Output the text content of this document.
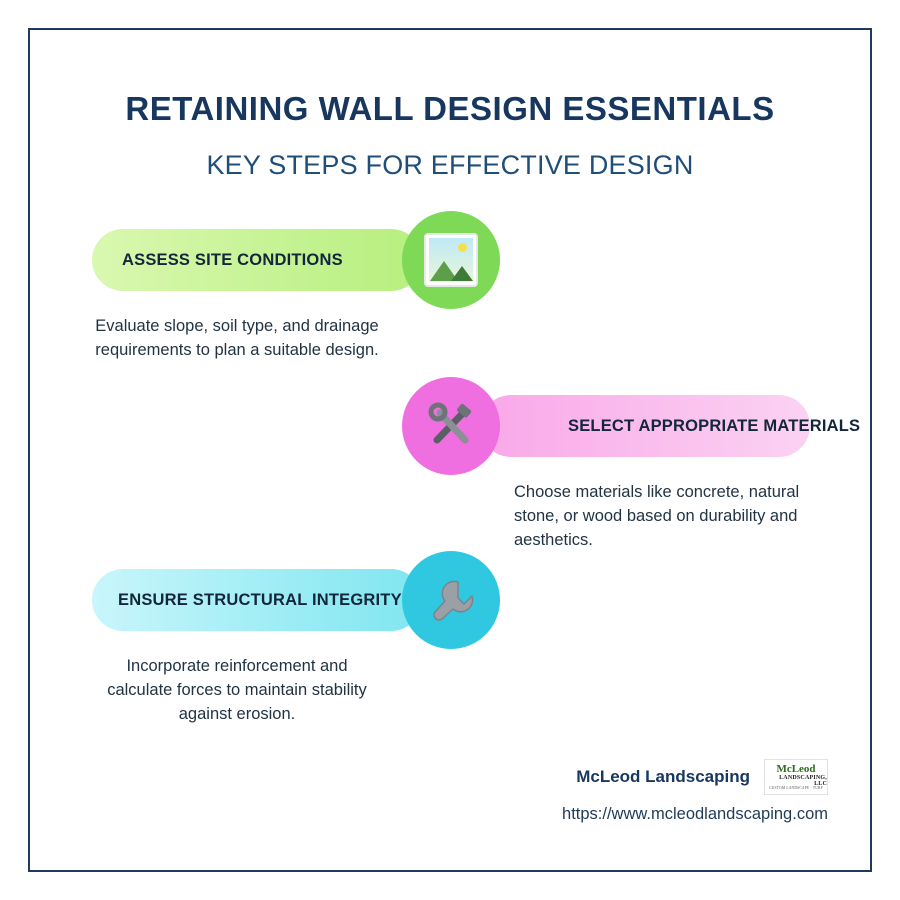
RETAINING WALL DESIGN ESSENTIALS
KEY STEPS FOR EFFECTIVE DESIGN
ASSESS SITE CONDITIONS
Evaluate slope, soil type, and drainage requirements to plan a suitable design.
SELECT APPROPRIATE MATERIALS
Choose materials like concrete, natural stone, or wood based on durability and aesthetics.
ENSURE STRUCTURAL INTEGRITY
Incorporate reinforcement and calculate forces to maintain stability against erosion.
McLeod Landscaping McLeod
LANDSCAPING, LLC
CUSTOM LANDSCAPE · TURF
https://www.mcleodlandscaping.com
